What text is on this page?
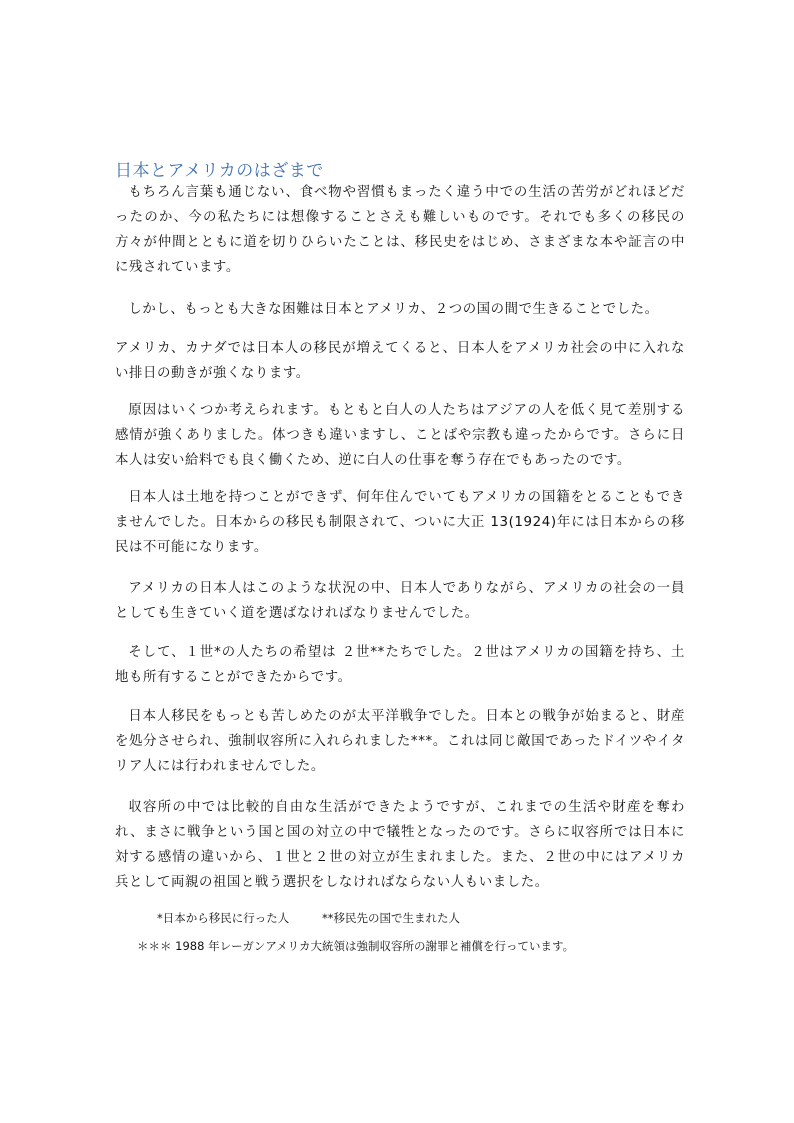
日本とアメリカのはざまで

もちろん言葉も通じない、食べ物や習慣もまったく違う中での生活の苦労がどれほどだったのか、今の私たちには想像することさえも難しいものです。それでも多くの移民の方々が仲間とともに道を切りひらいたことは、移民史をはじめ、さまざまな本や証言の中に残されています。

しかし、もっとも大きな困難は日本とアメリカ、２つの国の間で生きることでした。

アメリカ、カナダでは日本人の移民が増えてくると、日本人をアメリカ社会の中に入れない排日の動きが強くなります。

原因はいくつか考えられます。もともと白人の人たちはアジアの人を低く見て差別する感情が強くありました。体つきも違いますし、ことばや宗教も違ったからです。さらに日本人は安い給料でも良く働くため、逆に白人の仕事を奪う存在でもあったのです。

日本人は土地を持つことができず、何年住んでいてもアメリカの国籍をとることもできませんでした。日本からの移民も制限されて、ついに大正 13(1924)年には日本からの移民は不可能になります。

アメリカの日本人はこのような状況の中、日本人でありながら、アメリカの社会の一員としても生きていく道を選ばなければなりませんでした。

そして、１世*の人たちの希望は ２世**たちでした。２世はアメリカの国籍を持ち、土地も所有することができたからです。

日本人移民をもっとも苦しめたのが太平洋戦争でした。日本との戦争が始まると、財産を処分させられ、強制収容所に入れられました***。これは同じ敵国であったドイツやイタリア人には行われませんでした。

収容所の中では比較的自由な生活ができたようですが、これまでの生活や財産を奪われ、まさに戦争という国と国の対立の中で犠牲となったのです。さらに収容所では日本に対する感情の違いから、１世と２世の対立が生まれました。また、２世の中にはアメリカ兵として両親の祖国と戦う選択をしなければならない人もいました。

*日本から移民に行った人	**移民先の国で生まれた人
＊＊＊ 1988 年レーガンアメリカ大統領は強制収容所の謝罪と補償を行っています。
